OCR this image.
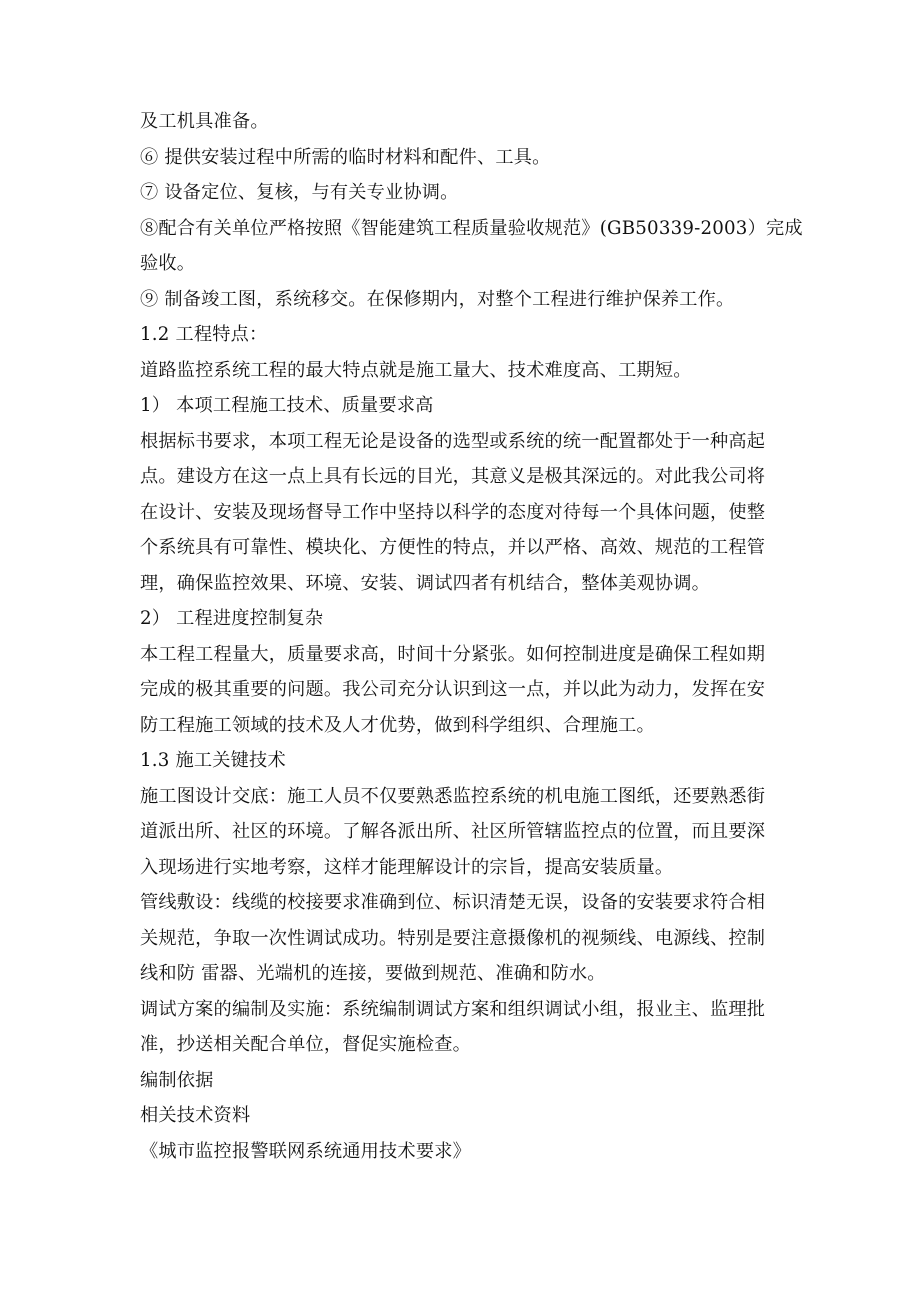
及工机具准备。
⑥ 提供安装过程中所需的临时材料和配件、工具。
⑦ 设备定位、复核，与有关专业协调。
⑧配合有关单位严格按照《智能建筑工程质量验收规范》(GB50339-2003）完成
验收。
⑨ 制备竣工图，系统移交。在保修期内，对整个工程进行维护保养工作。
1.2 工程特点：
道路监控系统工程的最大特点就是施工量大、技术难度高、工期短。
1） 本项工程施工技术、质量要求高
根据标书要求，本项工程无论是设备的选型或系统的统一配置都处于一种高起
点。建设方在这一点上具有长远的目光，其意义是极其深远的。对此我公司将
在设计、安装及现场督导工作中坚持以科学的态度对待每一个具体问题，使整
个系统具有可靠性、模块化、方便性的特点，并以严格、高效、规范的工程管
理，确保监控效果、环境、安装、调试四者有机结合，整体美观协调。
2） 工程进度控制复杂
本工程工程量大，质量要求高，时间十分紧张。如何控制进度是确保工程如期
完成的极其重要的问题。我公司充分认识到这一点，并以此为动力，发挥在安
防工程施工领域的技术及人才优势，做到科学组织、合理施工。
1.3 施工关键技术
施工图设计交底：施工人员不仅要熟悉监控系统的机电施工图纸，还要熟悉街
道派出所、社区的环境。了解各派出所、社区所管辖监控点的位置，而且要深
入现场进行实地考察，这样才能理解设计的宗旨，提高安装质量。
管线敷设：线缆的校接要求准确到位、标识清楚无误，设备的安装要求符合相
关规范，争取一次性调试成功。特别是要注意摄像机的视频线、电源线、控制
线和防 雷器、光端机的连接，要做到规范、准确和防水。
调试方案的编制及实施：系统编制调试方案和组织调试小组，报业主、监理批
准，抄送相关配合单位，督促实施检查。
编制依据
相关技术资料
《城市监控报警联网系统通用技术要求》
